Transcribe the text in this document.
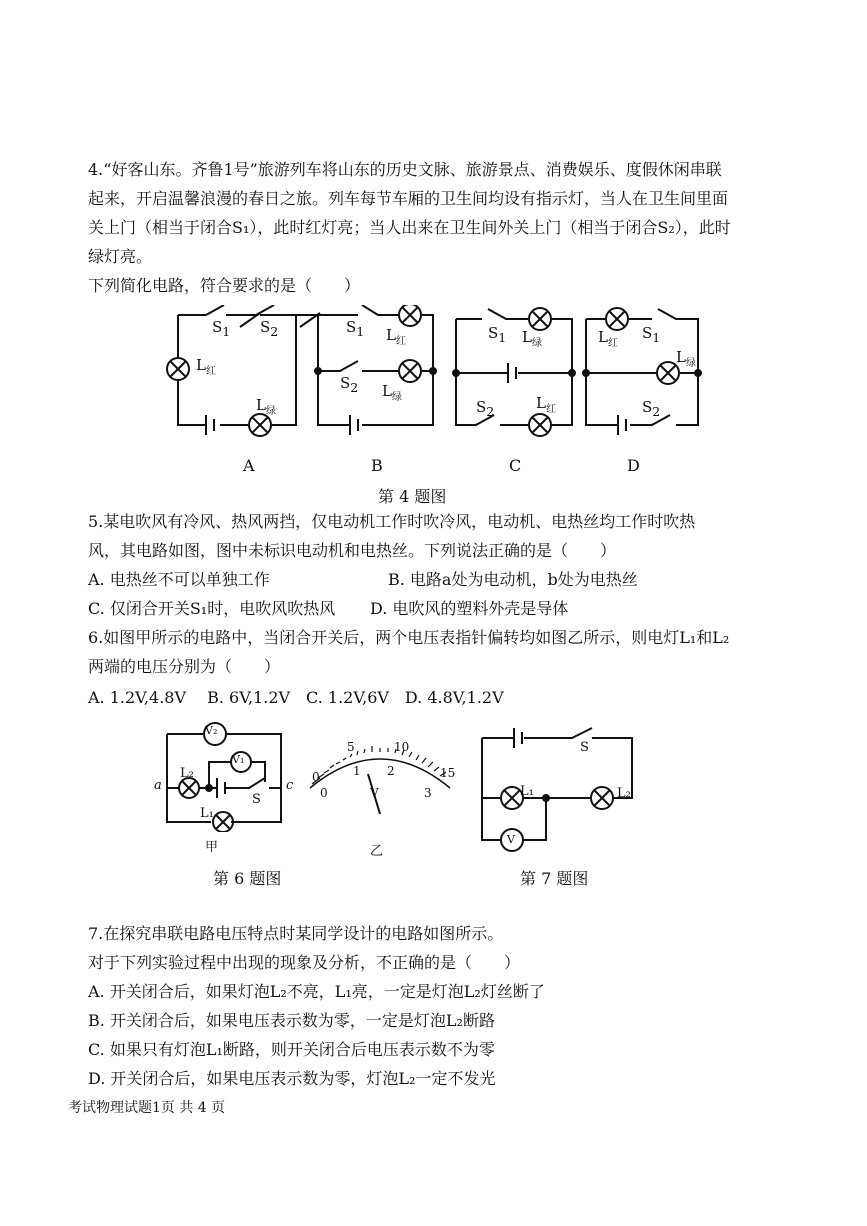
4.“好客山东。齐鲁1号”旅游列车将山东的历史文脉、旅游景点、消费娱乐、度假休闲串联
起来，开启温馨浪漫的春日之旅。列车每节车厢的卫生间均设有指示灯，当人在卫生间里面
关上门（相当于闭合S₁），此时红灯亮；当人出来在卫生间外关上门（相当于闭合S₂），此时
绿灯亮。
下列简化电路，符合要求的是（　　）
$S_1$ $S_2$
$L_红$
$L_绿$
$S_1$ $L_红$
$S_2$ $L_绿$
$S_1$ $L_绿$
$S_2$	$L_红$
$L_红$
$S_1$
$L_绿$
$S_2$
A	B	C	D
第 4 题图
5.某电吹风有冷风、热风两挡，仅电动机工作时吹冷风，电动机、电热丝均工作时吹热
风，其电路如图，图中未标识电动机和电热丝。下列说法正确的是（　　）
A. 电热丝不可以单独工作	B. 电路a处为电动机，b处为电热丝
C. 仅闭合开关S₁时，电吹风吹热风 D. 电吹风的塑料外壳是导体
6.如图甲所示的电路中，当闭合开关后，两个电压表指针偏转均如图乙所示，则电灯L₁和L₂
两端的电压分别为（　　）
A. 1.2V,4.8V　 B. 6V,1.2V　C. 1.2V,6V　D. 4.8V,1.2V
V₂
V₁
L₂
L₁
S
a	c
甲
5	10
1 2
0
0	3
15
V
乙
S
L₁	L₂
V
第 6 题图	第 7 题图
7.在探究串联电路电压特点时某同学设计的电路如图所示。
对于下列实验过程中出现的现象及分析，不正确的是（　　）
A. 开关闭合后，如果灯泡L₂不亮，L₁亮，一定是灯泡L₂灯丝断了
B. 开关闭合后，如果电压表示数为零，一定是灯泡L₂断路
C. 如果只有灯泡L₁断路，则开关闭合后电压表示数不为零
D. 开关闭合后，如果电压表示数为零，灯泡L₂一定不发光
考试物理试题1页 共 4 页
